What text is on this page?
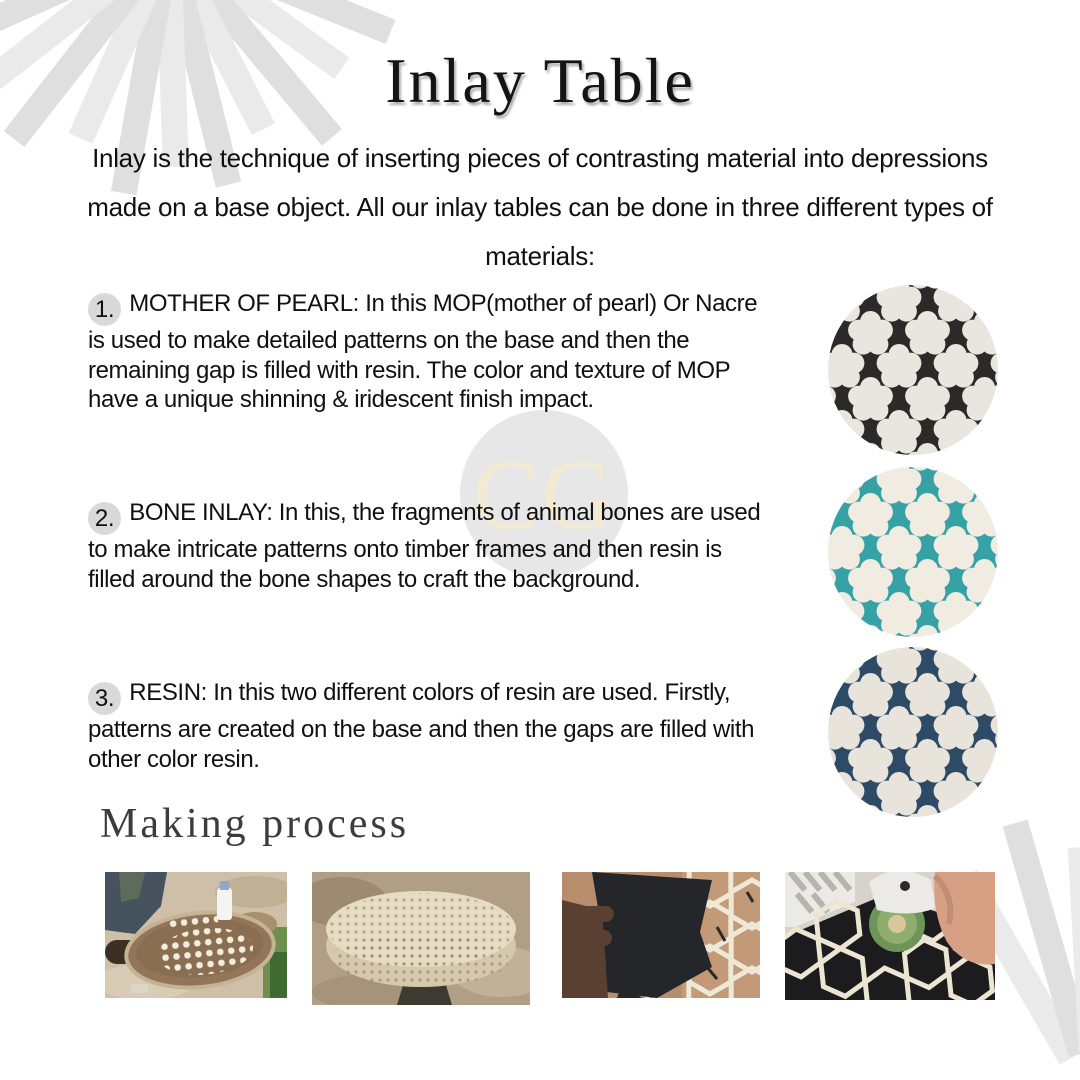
CG
Inlay Table

Inlay is the technique of inserting pieces of contrasting material into depressions made on a base object. All our inlay tables can be done in three different types of materials:

1. MOTHER OF PEARL: In this MOP(mother of pearl) Or Nacre is used to make detailed patterns on the base and then the remaining gap is filled with resin. The color and texture of MOP have a unique shinning & iridescent finish impact.

2. BONE INLAY: In this, the fragments of animal bones are used to make intricate patterns onto timber frames and then resin is filled around the bone shapes to craft the background.

3. RESIN: In this two different colors of resin are used. Firstly, patterns are created on the base and then the gaps are filled with other color resin.

Making process
